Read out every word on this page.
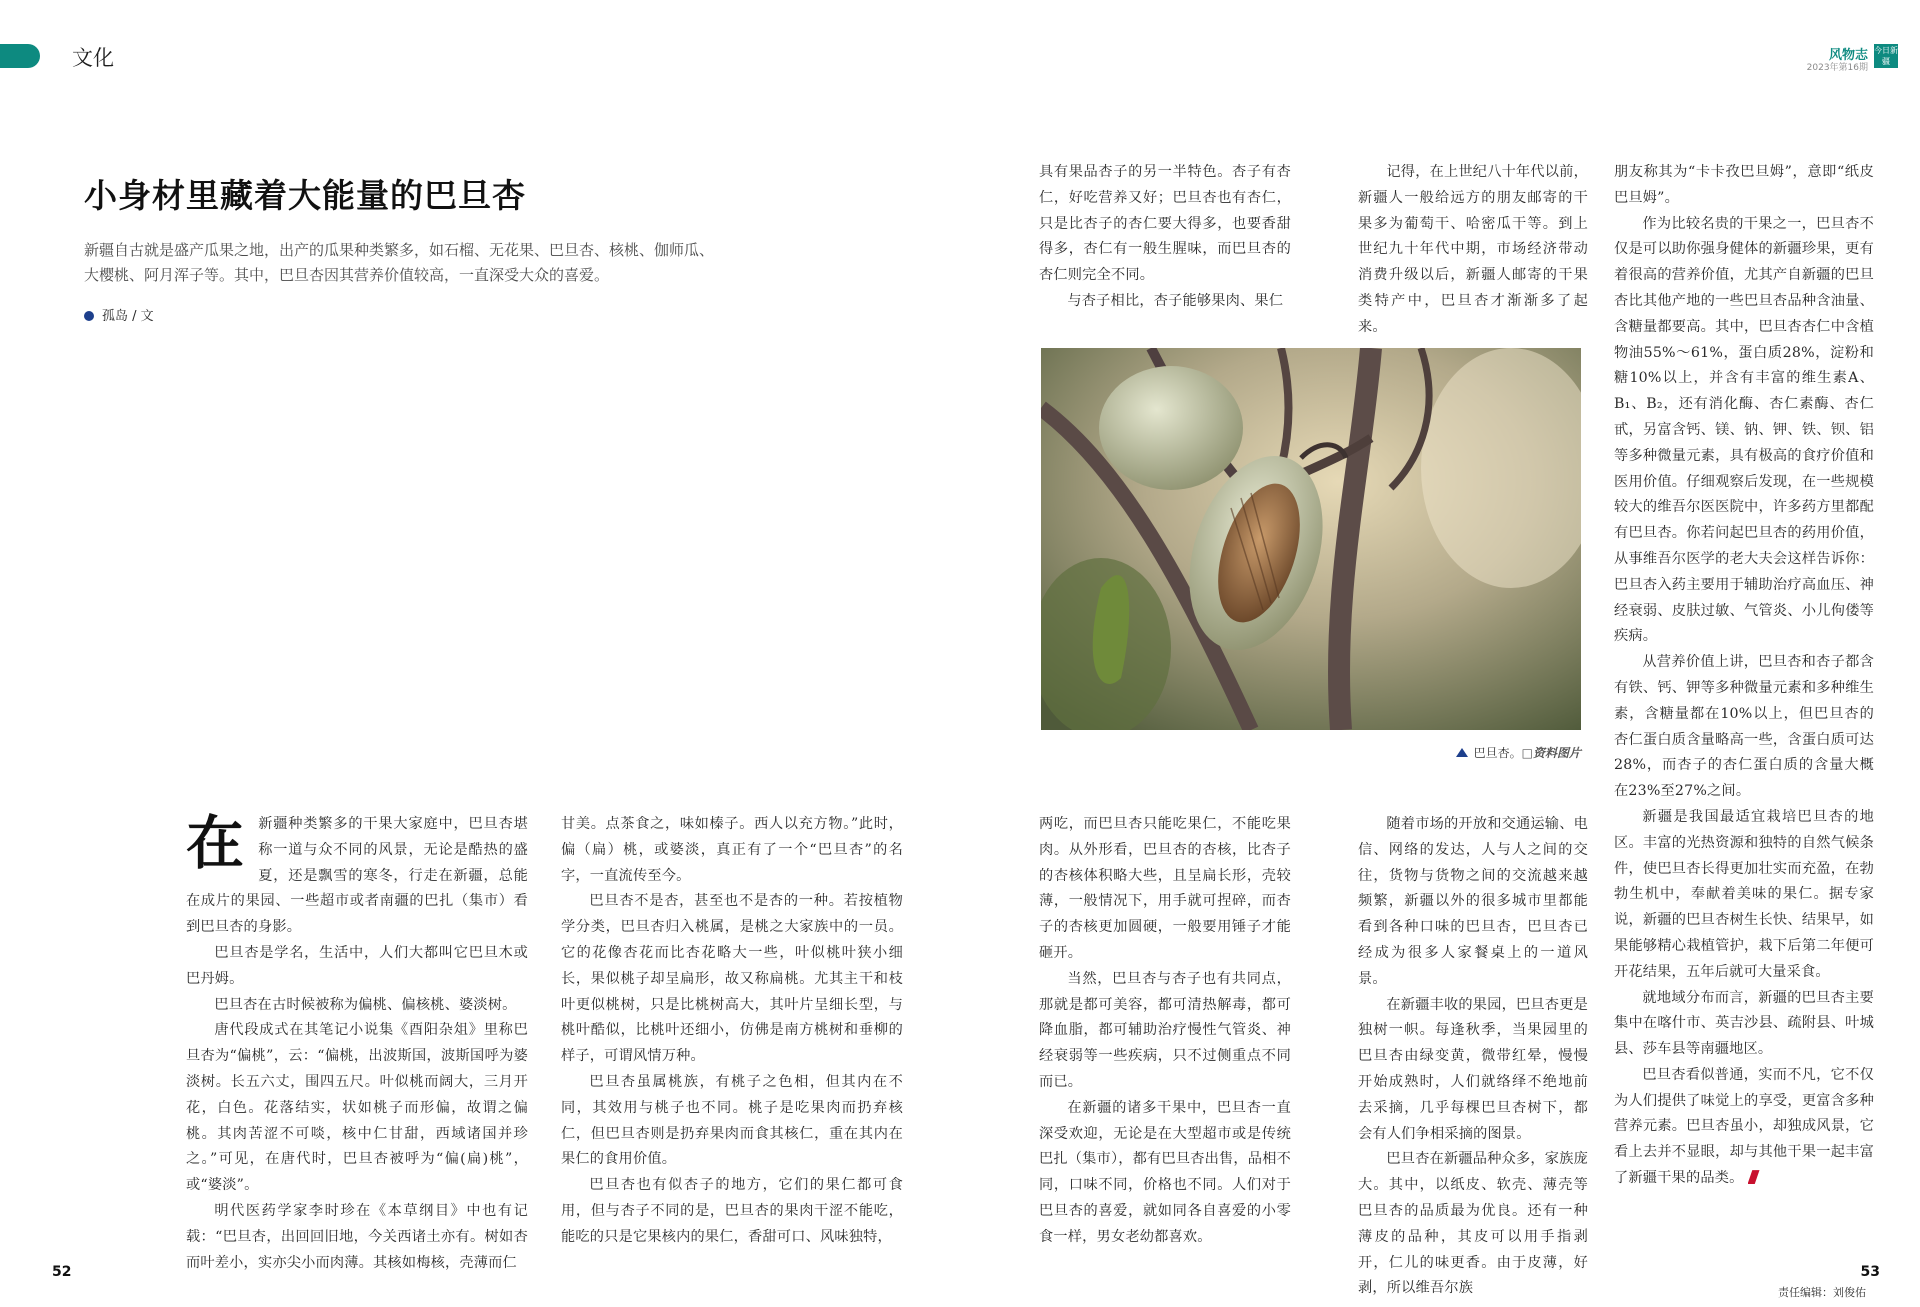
文化	风物志
2023年第16期
今日新疆
小身材里藏着大能量的巴旦杏
新疆自古就是盛产瓜果之地，出产的瓜果种类繁多，如石榴、无花果、巴旦杏、核桃、伽师瓜、大樱桃、阿月浑子等。其中，巴旦杏因其营养价值较高，一直深受大众的喜爱。
孤岛 / 文

在新疆种类繁多的干果大家庭中，巴旦杏堪称一道与众不同的风景，无论是酷热的盛夏，还是飘雪的寒冬，行走在新疆，总能在成片的果园、一些超市或者南疆的巴扎（集市）看到巴旦杏的身影。

巴旦杏是学名，生活中，人们大都叫它巴旦木或巴丹姆。

巴旦杏在古时候被称为偏桃、偏核桃、婆淡树。

唐代段成式在其笔记小说集《酉阳杂俎》里称巴旦杏为“偏桃”，云：“偏桃，出波斯国，波斯国呼为婆淡树。长五六丈，围四五尺。叶似桃而阔大，三月开花，白色。花落结实，状如桃子而形偏，故谓之偏桃。其肉苦涩不可啖，核中仁甘甜，西域诸国并珍之。”可见，在唐代时，巴旦杏被呼为“偏(扁)桃”，或“婆淡”。

明代医药学家李时珍在《本草纲目》中也有记载：“巴旦杏，出回回旧地，今关西诸土亦有。树如杏而叶差小，实亦尖小而肉薄。其核如梅核，壳薄而仁

甘美。点茶食之，味如榛子。西人以充方物。”此时，偏（扁）桃，或婆淡，真正有了一个“巴旦杏”的名字，一直流传至今。

巴旦杏不是杏，甚至也不是杏的一种。若按植物学分类，巴旦杏归入桃属，是桃之大家族中的一员。它的花像杏花而比杏花略大一些，叶似桃叶狭小细长，果似桃子却呈扁形，故又称扁桃。尤其主干和枝叶更似桃树，只是比桃树高大，其叶片呈细长型，与桃叶酷似，比桃叶还细小，仿佛是南方桃树和垂柳的样子，可谓风情万种。

巴旦杏虽属桃族，有桃子之色相，但其内在不同，其效用与桃子也不同。桃子是吃果肉而扔弃核仁，但巴旦杏则是扔弃果肉而食其核仁，重在其内在果仁的食用价值。

巴旦杏也有似杏子的地方，它们的果仁都可食用，但与杏子不同的是，巴旦杏的果肉干涩不能吃，能吃的只是它果核内的果仁，香甜可口、风味独特，

具有果品杏子的另一半特色。杏子有杏仁，好吃营养又好；巴旦杏也有杏仁，只是比杏子的杏仁要大得多，也要香甜得多，杏仁有一般生腥味，而巴旦杏的杏仁则完全不同。

与杏子相比，杏子能够果肉、果仁

记得，在上世纪八十年代以前，新疆人一般给远方的朋友邮寄的干果多为葡萄干、哈密瓜干等。到上世纪九十年代中期，市场经济带动消费升级以后，新疆人邮寄的干果类特产中，巴旦杏才渐渐多了起来。

巴旦杏。□资料图片

两吃，而巴旦杏只能吃果仁，不能吃果肉。从外形看，巴旦杏的杏核，比杏子的杏核体积略大些，且呈扁长形，壳较薄，一般情况下，用手就可捏碎，而杏子的杏核更加圆硬，一般要用锤子才能砸开。

当然，巴旦杏与杏子也有共同点，那就是都可美容，都可清热解毒，都可降血脂，都可辅助治疗慢性气管炎、神经衰弱等一些疾病，只不过侧重点不同而已。

在新疆的诸多干果中，巴旦杏一直深受欢迎，无论是在大型超市或是传统巴扎（集市），都有巴旦杏出售，品相不同，口味不同，价格也不同。人们对于巴旦杏的喜爱，就如同各自喜爱的小零食一样，男女老幼都喜欢。

随着市场的开放和交通运输、电信、网络的发达，人与人之间的交往，货物与货物之间的交流越来越频繁，新疆以外的很多城市里都能看到各种口味的巴旦杏，巴旦杏已经成为很多人家餐桌上的一道风景。

在新疆丰收的果园，巴旦杏更是独树一帜。每逢秋季，当果园里的巴旦杏由绿变黄，微带红晕，慢慢开始成熟时，人们就络绎不绝地前去采摘，几乎每棵巴旦杏树下，都会有人们争相采摘的图景。

巴旦杏在新疆品种众多，家族庞大。其中，以纸皮、软壳、薄壳等巴旦杏的品质最为优良。还有一种薄皮的品种，其皮可以用手指剥开，仁儿的味更香。由于皮薄，好剥，所以维吾尔族

朋友称其为“卡卡孜巴旦姆”，意即“纸皮巴旦姆”。

作为比较名贵的干果之一，巴旦杏不仅是可以助你强身健体的新疆珍果，更有着很高的营养价值，尤其产自新疆的巴旦杏比其他产地的一些巴旦杏品种含油量、含糖量都要高。其中，巴旦杏杏仁中含植物油55%～61%，蛋白质28%，淀粉和糖10%以上，并含有丰富的维生素A、B₁、B₂，还有消化酶、杏仁素酶、杏仁甙，另富含钙、镁、钠、钾、铁、钡、铝等多种微量元素，具有极高的食疗价值和医用价值。仔细观察后发现，在一些规模较大的维吾尔医医院中，许多药方里都配有巴旦杏。你若问起巴旦杏的药用价值，从事维吾尔医学的老大夫会这样告诉你：巴旦杏入药主要用于辅助治疗高血压、神经衰弱、皮肤过敏、气管炎、小儿佝偻等疾病。

从营养价值上讲，巴旦杏和杏子都含有铁、钙、钾等多种微量元素和多种维生素，含糖量都在10%以上，但巴旦杏的杏仁蛋白质含量略高一些，含蛋白质可达28%，而杏子的杏仁蛋白质的含量大概在23%至27%之间。

新疆是我国最适宜栽培巴旦杏的地区。丰富的光热资源和独特的自然气候条件，使巴旦杏长得更加壮实而充盈，在勃勃生机中，奉献着美味的果仁。据专家说，新疆的巴旦杏树生长快、结果早，如果能够精心栽植管护，栽下后第二年便可开花结果，五年后就可大量采食。

就地域分布而言，新疆的巴旦杏主要集中在喀什市、英吉沙县、疏附县、叶城县、莎车县等南疆地区。

巴旦杏看似普通，实而不凡，它不仅为人们提供了味觉上的享受，更富含多种营养元素。巴旦杏虽小，却独成风景，它看上去并不显眼，却与其他干果一起丰富了新疆干果的品类。

52	53
责任编辑：刘俊佑
